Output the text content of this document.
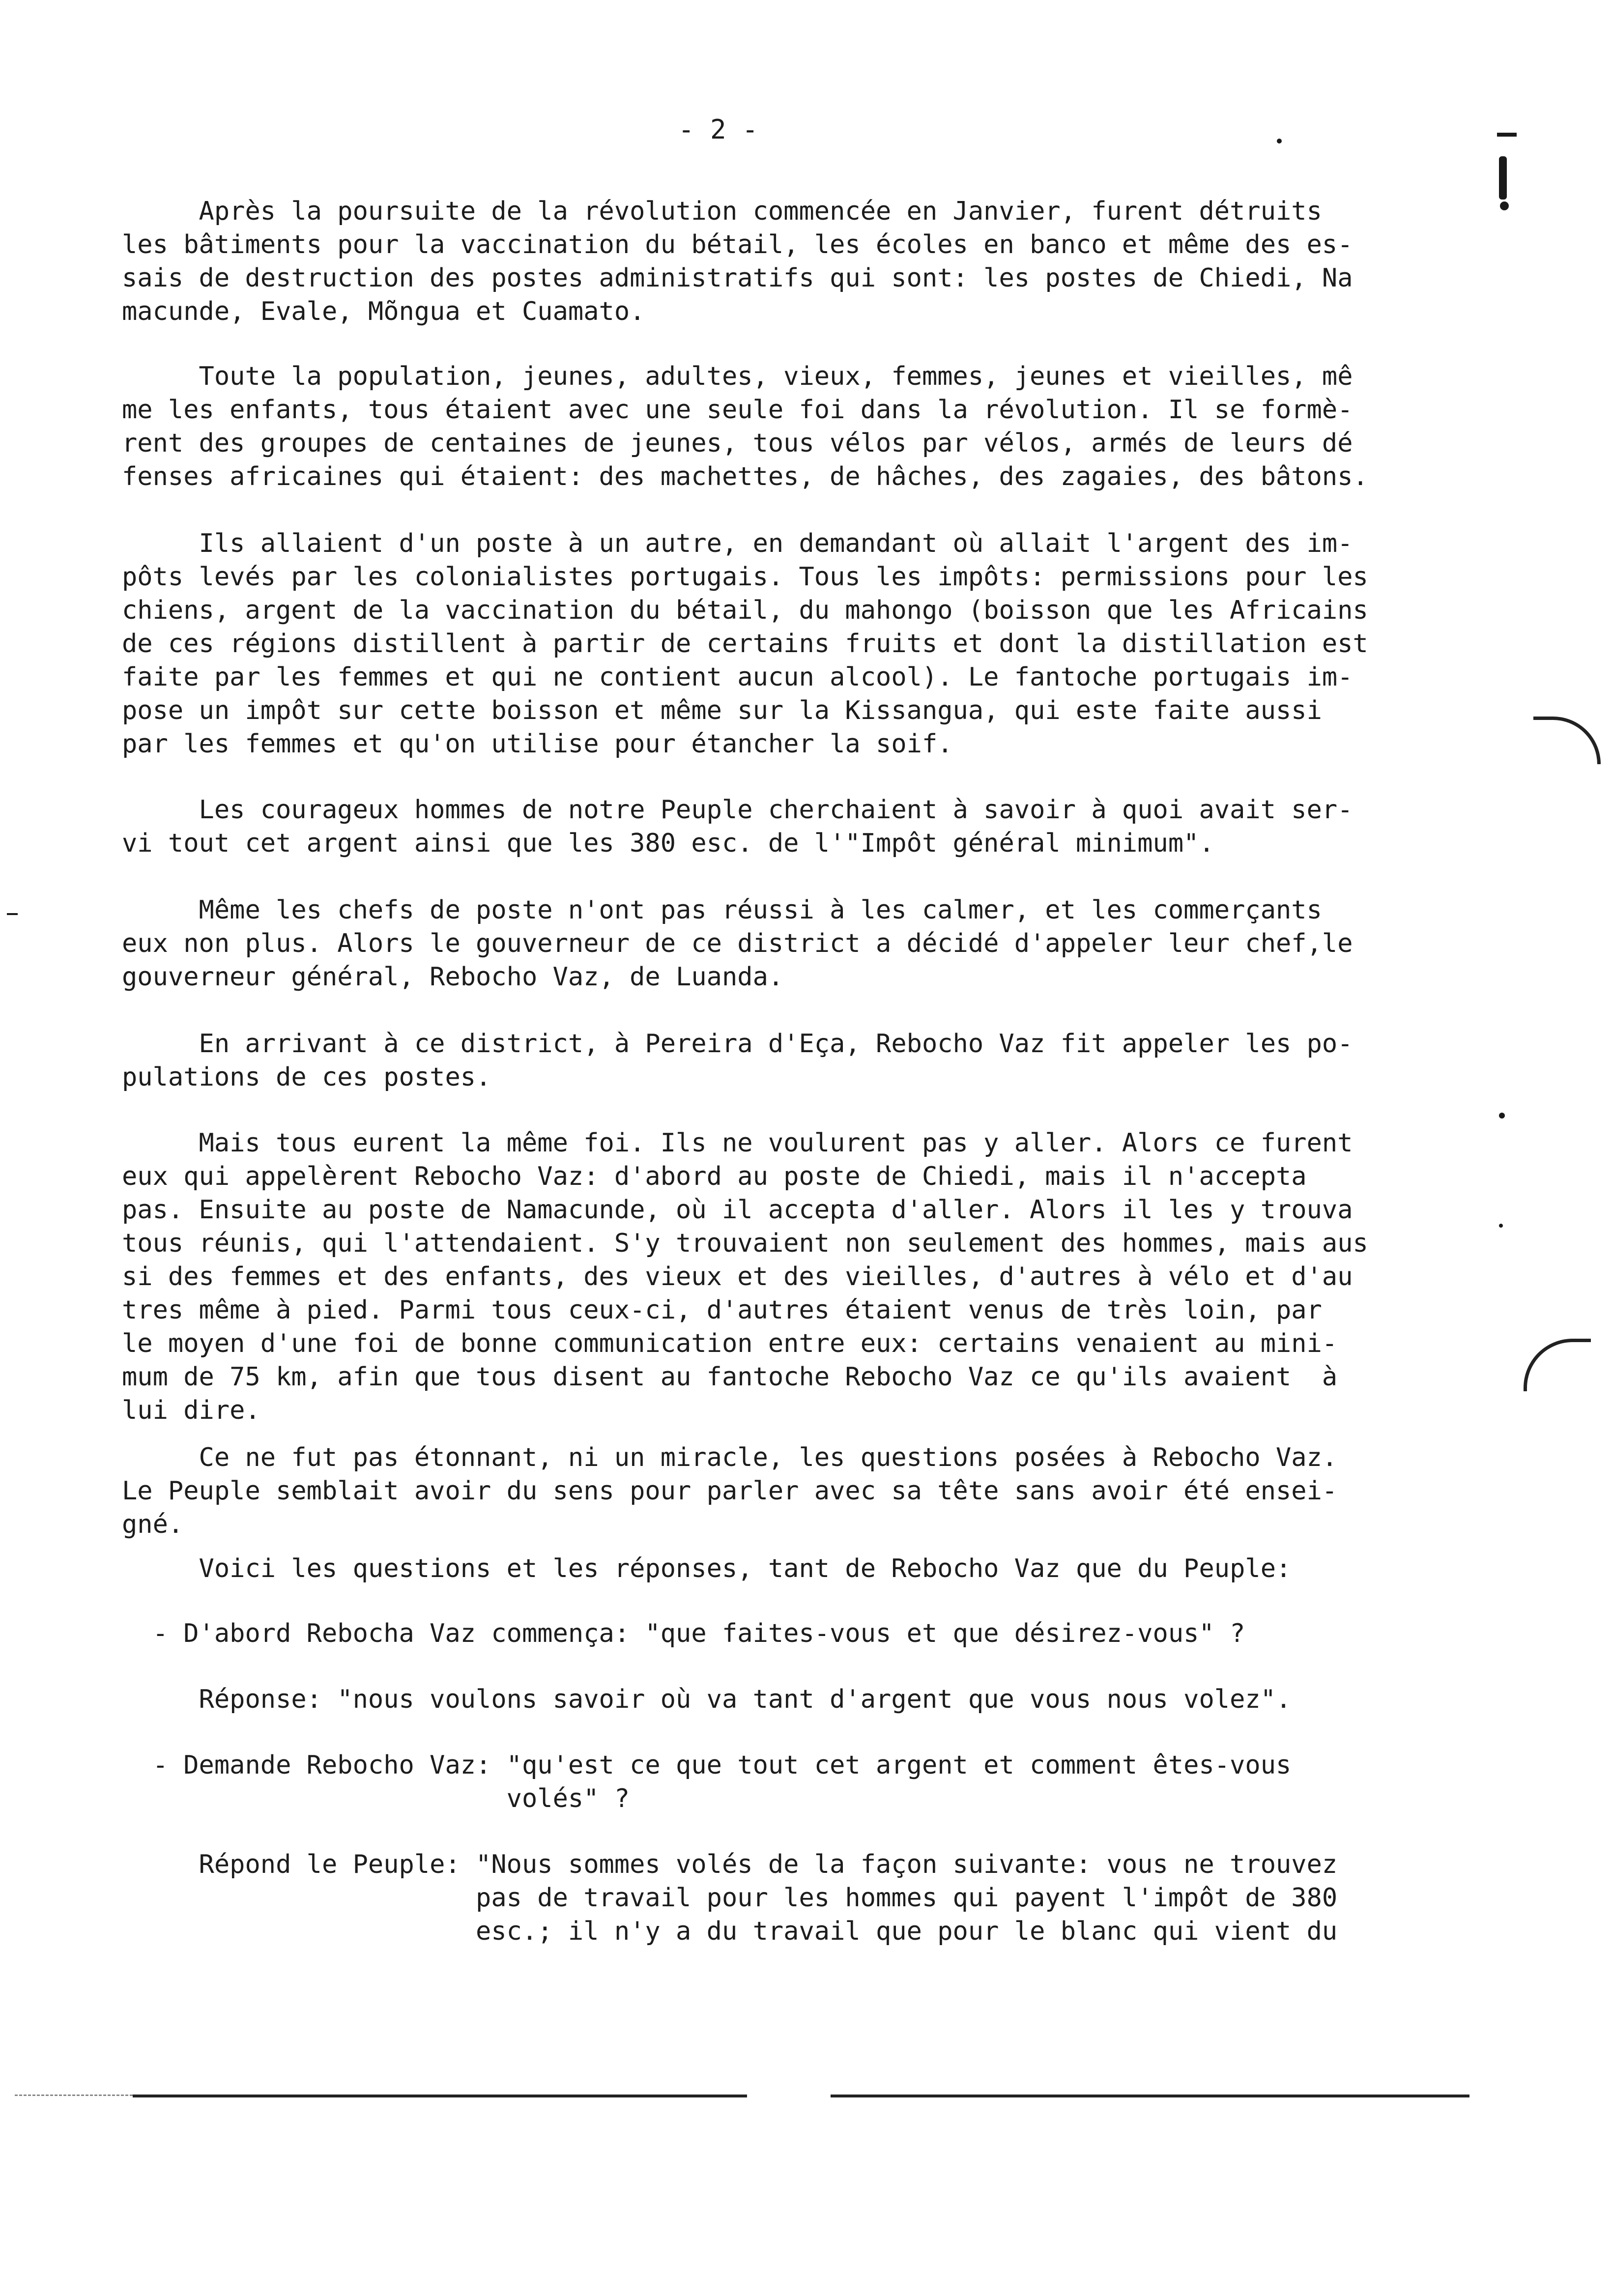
- 2 -
Après la poursuite de la révolution commencée en Janvier, furent détruits
les bâtiments pour la vaccination du bétail, les écoles en banco et même des es-
sais de destruction des postes administratifs qui sont: les postes de Chiedi, Na
macunde, Evale, Mõngua et Cuamato.
Toute la population, jeunes, adultes, vieux, femmes, jeunes et vieilles, mê
me les enfants, tous étaient avec une seule foi dans la révolution. Il se formè-
rent des groupes de centaines de jeunes, tous vélos par vélos, armés de leurs dé
fenses africaines qui étaient: des machettes, de hâches, des zagaies, des bâtons.
Ils allaient d'un poste à un autre, en demandant où allait l'argent des im-
pôts levés par les colonialistes portugais. Tous les impôts: permissions pour les
chiens, argent de la vaccination du bétail, du mahongo (boisson que les Africains
de ces régions distillent à partir de certains fruits et dont la distillation est
faite par les femmes et qui ne contient aucun alcool). Le fantoche portugais im-
pose un impôt sur cette boisson et même sur la Kissangua, qui este faite aussi
par les femmes et qu'on utilise pour étancher la soif.
Les courageux hommes de notre Peuple cherchaient à savoir à quoi avait ser-
vi tout cet argent ainsi que les 380 esc. de l'"Impôt général minimum".
Même les chefs de poste n'ont pas réussi à les calmer, et les commerçants
eux non plus. Alors le gouverneur de ce district a décidé d'appeler leur chef,le
gouverneur général, Rebocho Vaz, de Luanda.
En arrivant à ce district, à Pereira d'Eça, Rebocho Vaz fit appeler les po-
pulations de ces postes.
Mais tous eurent la même foi. Ils ne voulurent pas y aller. Alors ce furent
eux qui appelèrent Rebocho Vaz: d'abord au poste de Chiedi, mais il n'accepta
pas. Ensuite au poste de Namacunde, où il accepta d'aller. Alors il les y trouva
tous réunis, qui l'attendaient. S'y trouvaient non seulement des hommes, mais aus
si des femmes et des enfants, des vieux et des vieilles, d'autres à vélo et d'au
tres même à pied. Parmi tous ceux-ci, d'autres étaient venus de très loin, par
le moyen d'une foi de bonne communication entre eux: certains venaient au mini-
mum de 75 km, afin que tous disent au fantoche Rebocho Vaz ce qu'ils avaient  à
lui dire.
Ce ne fut pas étonnant, ni un miracle, les questions posées à Rebocho Vaz.
Le Peuple semblait avoir du sens pour parler avec sa tête sans avoir été ensei-
gné.
Voici les questions et les réponses, tant de Rebocho Vaz que du Peuple:
- D'abord Rebocha Vaz commença: "que faites-vous et que désirez-vous" ?
Réponse: "nous voulons savoir où va tant d'argent que vous nous volez".
- Demande Rebocho Vaz: "qu'est ce que tout cet argent et comment êtes-vous
volés" ?
Répond le Peuple: "Nous sommes volés de la façon suivante: vous ne trouvez
pas de travail pour les hommes qui payent l'impôt de 380
esc.; il n'y a du travail que pour le blanc qui vient du
